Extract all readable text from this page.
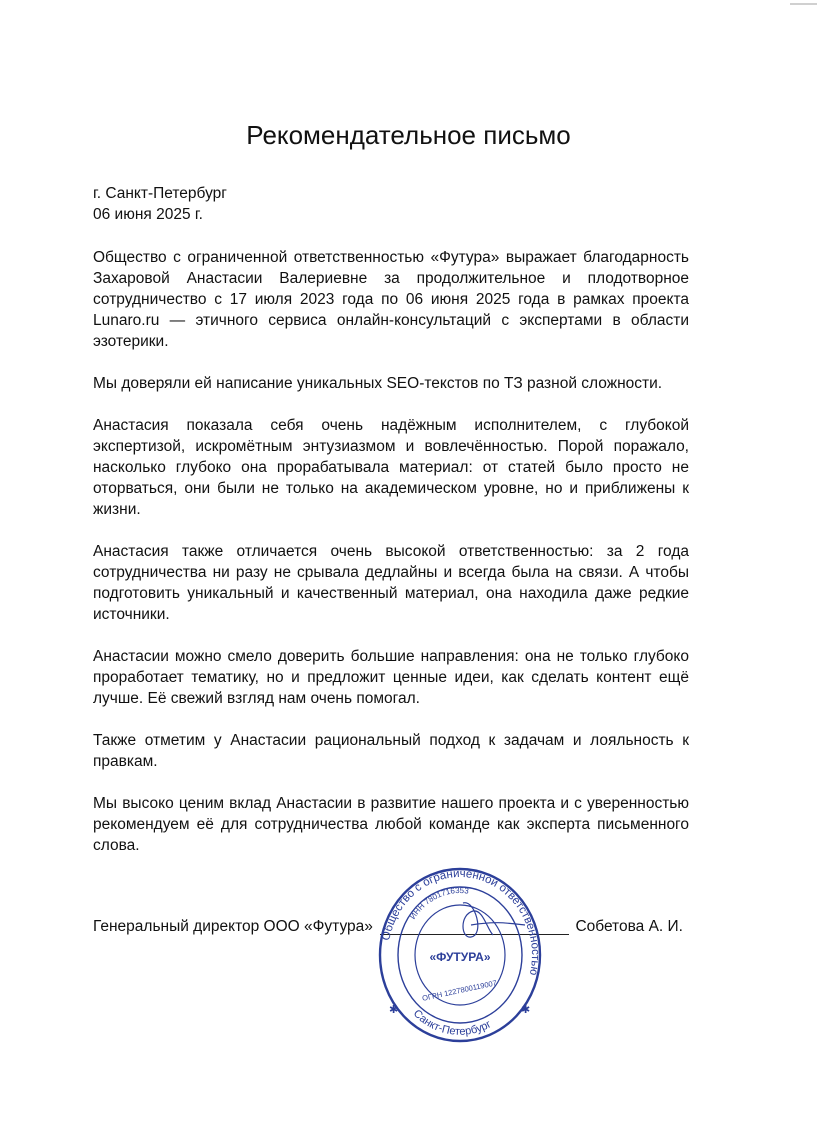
Рекомендательное письмо
г. Санкт-Петербург
06 июня 2025 г.

Общество с ограниченной ответственностью «Футура» выражает благодарность Захаровой Анастасии Валериевне за продолжительное и плодотворное сотрудничество с 17 июля 2023 года по 06 июня 2025 года в рамках проекта Lunaro.ru — этичного сервиса онлайн-консультаций с экспертами в области эзотерики.

Мы доверяли ей написание уникальных SEO-текстов по ТЗ разной сложности.

Анастасия показала себя очень надёжным исполнителем, с глубокой экспертизой, искромётным энтузиазмом и вовлечённостью. Порой поражало, насколько глубоко она прорабатывала материал: от статей было просто не оторваться, они были не только на академическом уровне, но и приближены к жизни.

Анастасия также отличается очень высокой ответственностью: за 2 года сотрудничества ни разу не срывала дедлайны и всегда была на связи. А чтобы подготовить уникальный и качественный материал, она находила даже редкие источники.

Анастасии можно смело доверить большие направления: она не только глубоко проработает тематику, но и предложит ценные идеи, как сделать контент ещё лучше. Её свежий взгляд нам очень помогал.

Также отметим у Анастасии рациональный подход к задачам и лояльность к правкам.

Мы высоко ценим вклад Анастасии в развитие нашего проекта и с уверенностью рекомендуем её для сотрудничества любой команде как эксперта письменного слова.

Генеральный директор ООО «Футура»	Собетова А. И.
Общество с ограниченной ответственностью
ИНН 7801716353
«ФУТУРА»
ОГРН 1227800119007
Санкт-Петербург
✱	✱
